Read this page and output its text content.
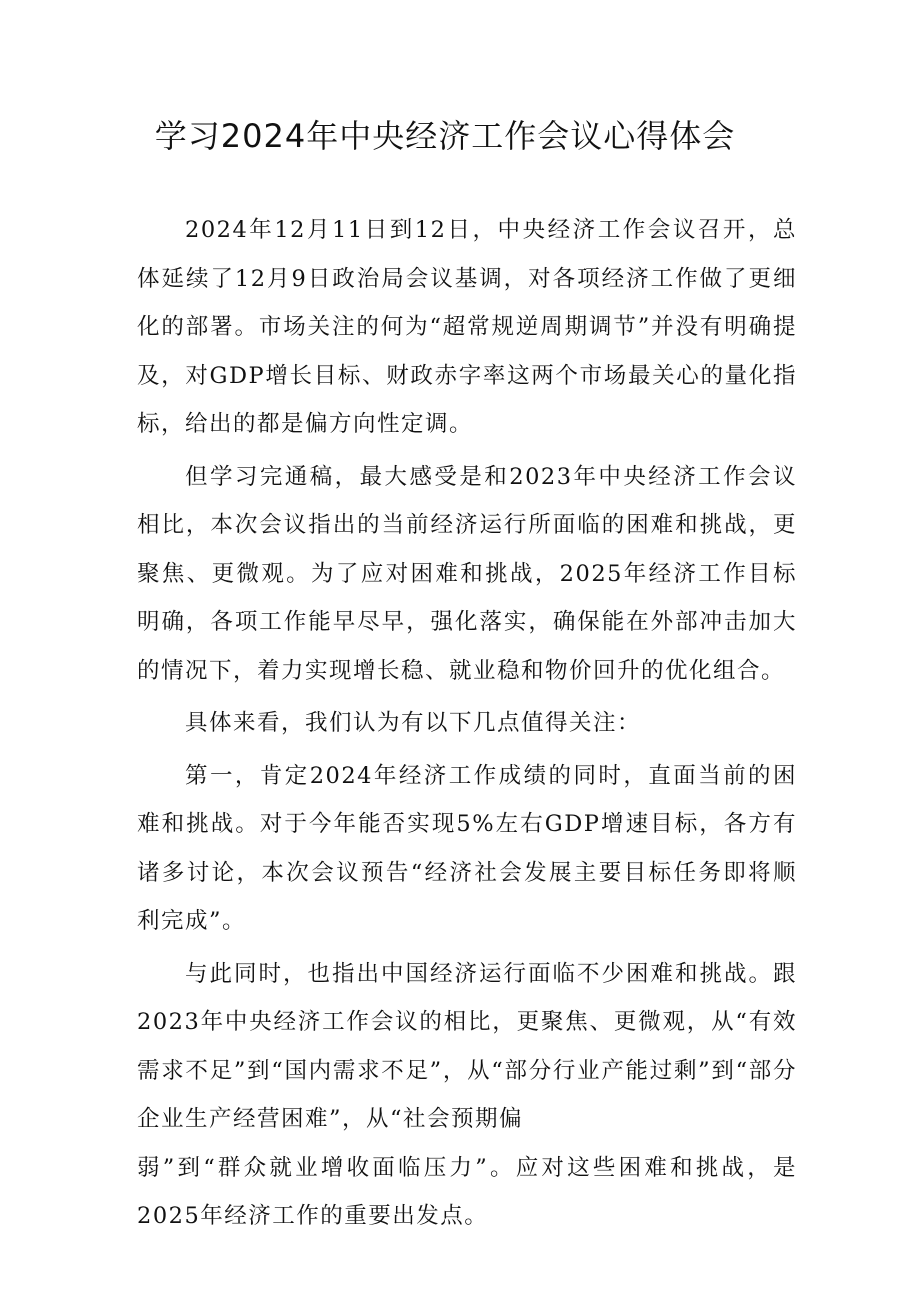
学习2024年中央经济工作会议心得体会

2024年12月11日到12日，中央经济工作会议召开，总体延续了12月9日政治局会议基调，对各项经济工作做了更细化的部署。市场关注的何为“超常规逆周期调节”并没有明确提及，对GDP增长目标、财政赤字率这两个市场最关心的量化指标，给出的都是偏方向性定调。

但学习完通稿，最大感受是和2023年中央经济工作会议相比，本次会议指出的当前经济运行所面临的困难和挑战，更聚焦、更微观。为了应对困难和挑战，2025年经济工作目标明确，各项工作能早尽早，强化落实，确保能在外部冲击加大的情况下，着力实现增长稳、就业稳和物价回升的优化组合。

具体来看，我们认为有以下几点值得关注：

第一，肯定2024年经济工作成绩的同时，直面当前的困难和挑战。对于今年能否实现5%左右GDP增速目标，各方有诸多讨论，本次会议预告“经济社会发展主要目标任务即将顺利完成”。

与此同时，也指出中国经济运行面临不少困难和挑战。跟2023年中央经济工作会议的相比，更聚焦、更微观，从“有效需求不足”到“国内需求不足”，从“部分行业产能过剩”到“部分企业生产经营困难”，从“社会预期偏

弱”到“群众就业增收面临压力”。应对这些困难和挑战，是2025年经济工作的重要出发点。
